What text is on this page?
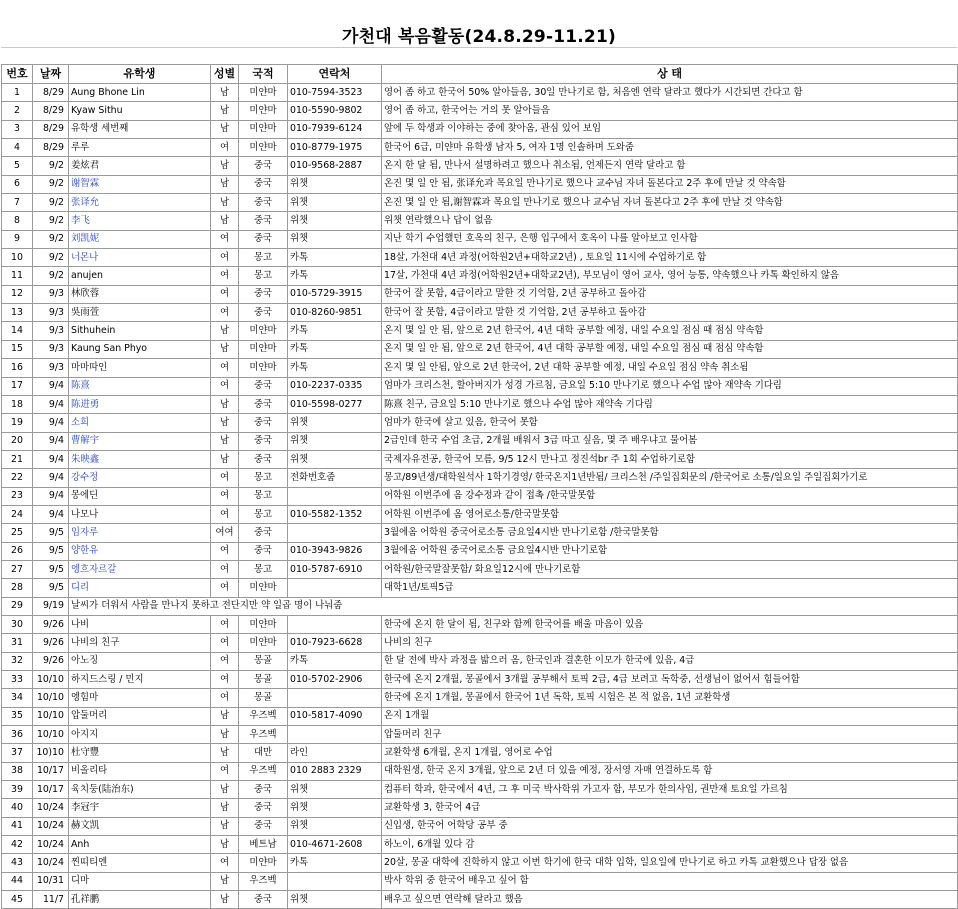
가천대 복음활동(24.8.29-11.21)
번호	날짜	유학생	성별	국적	연락처	상 태
1	8/29	Aung Bhone Lin	남	미얀마	010-7594-3523	영어 좀 하고 한국어 50% 알아들음, 30일 만나기로 함, 처음엔 연락 달라고 했다가 시간되면 간다고 함
2	8/29	Kyaw Sithu	남	미얀마	010-5590-9802	영어 좀 하고, 한국어는 거의 못 알아들음
3	8/29	유학생 세번째	남	미얀마	010-7939-6124	앞에 두 학생과 이야하는 중에 찾아옴, 관심 있어 보임
4	8/29	루루	여	미얀마	010-8779-1975	한국어 6급, 미얀마 유학생 남자 5, 여자 1명 인솔하며 도와줌
5	9/2	姜炫君	남	중국	010-9568-2887	온지 한 달 됨, 만나서 설명하려고 했으나 취소됨, 언제든지 연락 달라고 함
6	9/2	谢智霖	남	중국	위챗	온진 몇 일 안 됨, 张译允과 목요일 만나기로 했으나 교수님 자녀 돌본다고 2주 후에 만날 것 약속함
7	9/2	张译允	남	중국	위챗	온진 몇 일 안 됨,谢智霖과 목요일 만나기로 했으나 교수님 자녀 돌본다고 2주 후에 만날 것 약속함
8	9/2	李飞	남	중국	위챗	위챗 연락했으나 답이 없음
9	9/2	刘凯妮	여	중국	위챗	지난 학기 수업했던 호옥의 친구, 은행 입구에서 호옥이 나를 알아보고 인사함
10	9/2	너몬나	여	몽고	카톡	18살, 가천대 4년 과정(어학원2년+대학교2년) , 토요일 11시에 수업하기로 함
11	9/2	anujen	여	몽고	카톡	17살, 가천대 4년 과정(어학원2년+대학교2년), 부모님이 영어 교사, 영어 능통, 약속했으나 카톡 확인하지 않음
12	9/3	林欣蓉	여	중국	010-5729-3915	한국어 잘 못함, 4급이라고 말한 것 기억함, 2년 공부하고 돌아감
13	9/3	吳雨萱	여	중국	010-8260-9851	한국어 잘 못함, 4급이라고 말한 것 기억함, 2년 공부하고 돌아감
14	9/3	Sithuhein	남	미얀마	카톡	온지 몇 일 안 됨, 앞으로 2년 한국어, 4년 대학 공부할 예정, 내일 수요일 점심 때 점심 약속함
15	9/3	Kaung San Phyo	남	미얀마	카톡	온지 몇 일 안 됨, 앞으로 2년 한국어, 4년 대학 공부할 예정, 내일 수요일 점심 때 점심 약속함
16	9/3	마마따인	여	미얀마	카톡	온지 몇 일 안됨, 앞으로 2년 한국어, 2년 대학 공부할 예정, 내일 수요일 점심 약속 취소됨
17	9/4	陈熹	여	중국	010-2237-0335	엄마가 크리스천, 할아버지가 성경 가르침, 금요일 5:10 만나기로 했으나 수업 많아 재약속 기다림
18	9/4	陈进勇	남	중국	010-5598-0277	陈熹 친구, 금요일 5:10 만나기로 했으나 수업 많아 재약속 기다림
19	9/4	소희	남	중국	위챗	엄마가 한국에 살고 있음, 한국어 못함
20	9/4	曹解宇	남	중국	위챗	2급인데 한국 수업 초급, 2개월 배워서 3급 따고 싶음, 몇 주 배우냐고 물어봄
21	9/4	朱映鑫	남	중국	위챗	국제자유전공, 한국어 모름, 9/5 12시 만나고 정진석br 주 1회 수업하기로함
22	9/4	강수정	여	몽고	전화번호줌	몽고/89년생/대학원석사 1학기경영/ 한국온지1년반됨/ 크리스천 /주일집회문의 /한국어로 소통/일요일 주일집회가기로
23	9/4	몽에딘	여	몽고		어학원 이번주에 옴 강수정과 같이 접촉 /한국말못함
24	9/4	나모나	여	몽고	010-5582-1352	어학원 이번주에 옴 영어로소통/한국말못함
25	9/5	임자루	여여	중국		3월에옴 어학원 중국어로소통 금요일4시반 만나기로함 /한국말못함
26	9/5	양한유	여	중국	010-3943-9826	3월에옴 어학원 중국어로소통 금요일4시반 만나기로함
27	9/5	엥흐자르갈	여	몽고	010-5787-6910	어학원/한국말잘못함/ 화요일12시에 만나기로함
28	9/5	디리	여	미얀마		대학1년/토픽5급
29	9/19	날씨가 더워서 사람을 만나지 못하고 전단지만 약 일곱 명이 나눠줌				
30	9/26	나비	여	미얀마		한국에 온지 한 달이 됨, 친구와 함께 한국어를 배울 마음이 있음
31	9/26	나비의 친구	여	미얀마	010-7923-6628	나비의 친구
32	9/26	아노징	여	몽골	카톡	한 달 전에 박사 과정을 밟으러 옴, 한국인과 결혼한 이모가 한국에 있음, 4급
33	10/10	하지드스링 / 민지	여	몽골	010-5702-2906	한국에 온지 2개월, 몽골에서 3개월 공부해서 토픽 2급, 4급 보려고 독학중, 선생님이 없어서 힘들어함
34	10/10	엥힘마	여	몽골		한국에 온지 1개월, 몽골에서 한국어 1년 독학, 토픽 시험은 본 적 없음, 1년 교환학생
35	10/10	압둘머리	남	우즈벡	010-5817-4090	온지 1개월
36	10/10	아지지	남	우즈벡		압둘머리 친구
37	10)10	杜守豐	남	대만	라인	교환학생 6개월, 온지 1개월, 영어로 수업
38	10/17	비올리타	여	우즈벡	010 2883 2329	대학원생, 한국 온지 3개월, 앞으로 2년 더 있을 예정, 장서영 자매 연결하도록 함
39	10/17	육치둥(陆治东)	남	중국	위챗	컴퓨터 학과, 한국에서 4년, 그 후 미국 박사학위 가고자 함, 부모가 한의사임, 권만재 토요일 가르침
40	10/24	李冠宇	남	중국	위챗	교환학생 3, 한국어 4급
41	10/24	赫文凯	남	중국	위챗	신입생, 한국어 어학당 공부 중
42	10/24	Anh	남	베트남	010-4671-2608	하노이, 6개월 있다 감
43	10/24	찐띠티엔	여	미얀마	카톡	20살, 몽골 대학에 진학하지 않고 이번 학기에 한국 대학 입학, 일요일에 만나기로 하고 카톡 교환했으나 답장 없음
44	10/31	디마	남	우즈벡		박사 학위 중 한국어 배우고 싶어 함
45	11/7	孔祥鹏	남	중국	위챗	배우고 싶으면 연락해 달라고 했음
